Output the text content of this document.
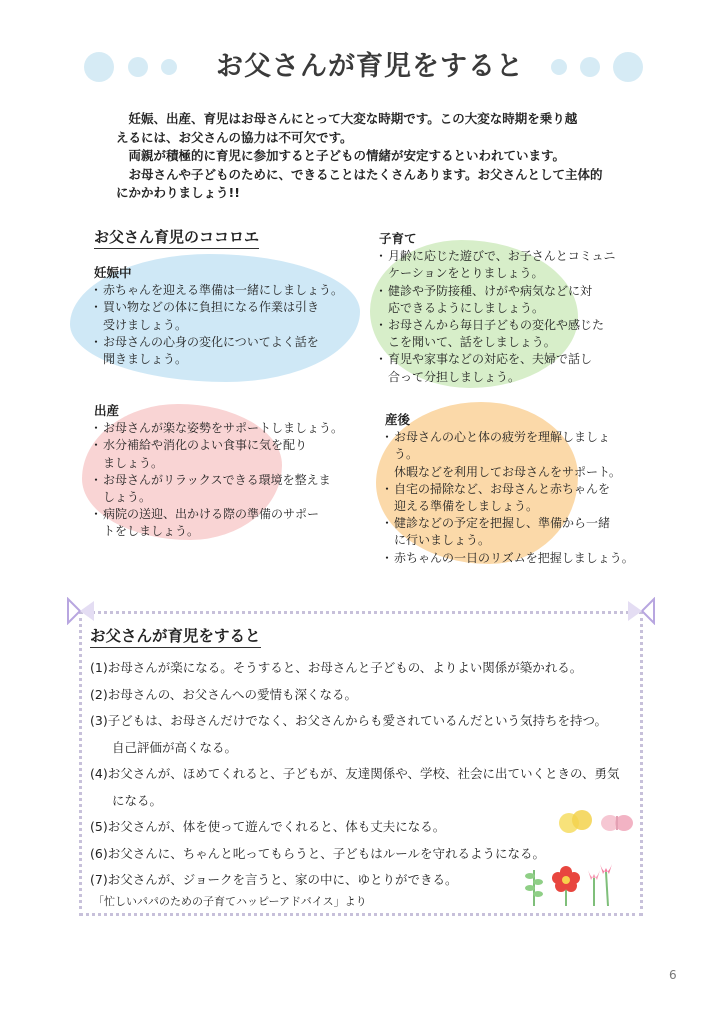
お父さんが育児をすると

　妊娠、出産、育児はお母さんにとって大変な時期です。この大変な時期を乗り越

えるには、お父さんの協力は不可欠です。

　両親が積極的に育児に参加すると子どもの情緒が安定するといわれています。

　お母さんや子どものために、できることはたくさんあります。お父さんとして主体的

にかかわりましょう!!

お父さん育児のココロエ
妊娠中
・ 赤ちゃんを迎える準備は一緒にしましょう。
・ 買い物などの体に負担になる作業は引き
受けましょう。
・ お母さんの心身の変化についてよく話を
聞きましょう。
子育て
・ 月齢に応じた遊びで、お子さんとコミュニ
ケーションをとりましょう。
・ 健診や予防接種、けがや病気などに対
応できるようにしましょう。
・ お母さんから毎日子どもの変化や感じた
こを聞いて、話をしましょう。
・ 育児や家事などの対応を、夫婦で話し
合って分担しましょう。
出産
・ お母さんが楽な姿勢をサポートしましょう。
・ 水分補給や消化のよい食事に気を配り
ましょう。
・ お母さんがリラックスできる環境を整えま
しょう。
・ 病院の送迎、出かける際の準備のサポー
トをしましょう。
産後
・ お母さんの心と体の疲労を理解しましょ
う。
休暇などを利用してお母さんをサポート。
・ 自宅の掃除など、お母さんと赤ちゃんを
迎える準備をしましょう。
・ 健診などの予定を把握し、準備から一緒
に行いましょう。
・ 赤ちゃんの一日のリズムを把握しましょう。
お父さんが育児をすると
(1)お母さんが楽になる。そうすると、お母さんと子どもの、よりよい関係が築かれる。
(2)お母さんの、お父さんへの愛情も深くなる。
(3)子どもは、お母さんだけでなく、お父さんからも愛されているんだという気持ちを持つ。
自己評価が高くなる。
(4)お父さんが、ほめてくれると、子どもが、友達関係や、学校、社会に出ていくときの、勇気
になる。
(5)お父さんが、体を使って遊んでくれると、体も丈夫になる。
(6)お父さんに、ちゃんと叱ってもらうと、子どもはルールを守れるようになる。
(7)お父さんが、ジョークを言うと、家の中に、ゆとりができる。
「忙しいパパのための子育てハッピーアドバイス」より
6
